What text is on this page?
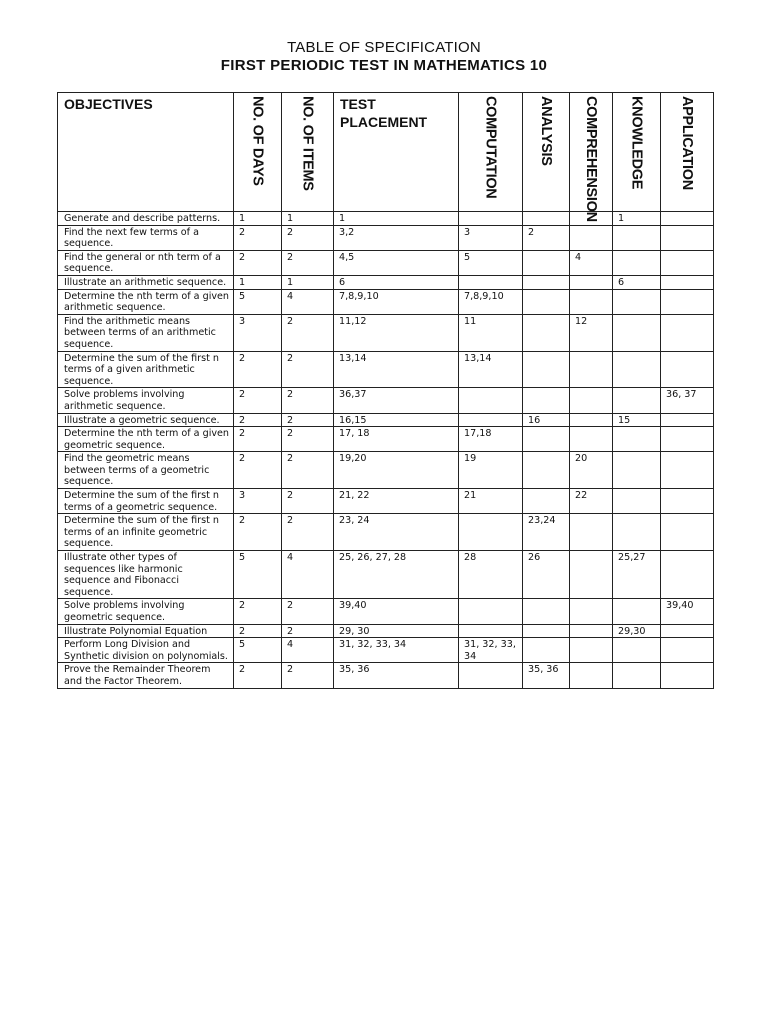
TABLE OF SPECIFICATION
FIRST PERIODIC TEST IN MATHEMATICS 10
OBJECTIVES	NO. OF DAYS	NO. OF ITEMS	TEST PLACEMENT	COMPUTATION	ANALYSIS	COMPREHENSION	KNOWLEDGE	APPLICATION

Generate and describe patterns.	1	1	1				1	
Find the next few terms of a sequence.	2	2	3,2	3	2			
Find the general or nth term of a sequence.	2	2	4,5	5		4		
Illustrate an arithmetic sequence.	1	1	6				6	
Determine the nth term of a given arithmetic sequence.	5	4	7,8,9,10	7,8,9,10				
Find the arithmetic means between terms of an arithmetic sequence.	3	2	11,12	11		12		
Determine the sum of the first n terms of a given arithmetic sequence.	2	2	13,14	13,14				
Solve problems involving arithmetic sequence.	2	2	36,37					36, 37
Illustrate a geometric sequence.	2	2	16,15		16		15	
Determine the nth term of a given geometric sequence.	2	2	17, 18	17,18				
Find the geometric means between terms of a geometric sequence.	2	2	19,20	19		20		
Determine the sum of the first n terms of a geometric sequence.	3	2	21, 22	21		22		
Determine the sum of the first n terms of an infinite geometric sequence.	2	2	23, 24		23,24			
Illustrate other types of sequences like harmonic sequence and Fibonacci sequence.	5	4	25, 26, 27, 28	28	26		25,27	
Solve problems involving geometric sequence.	2	2	39,40					39,40
Illustrate Polynomial Equation	2	2	29, 30				29,30	
Perform Long Division and Synthetic division on polynomials.	5	4	31, 32, 33, 34	31, 32, 33, 34				
Prove the Remainder Theorem and the Factor Theorem.	2	2	35, 36		35, 36			
